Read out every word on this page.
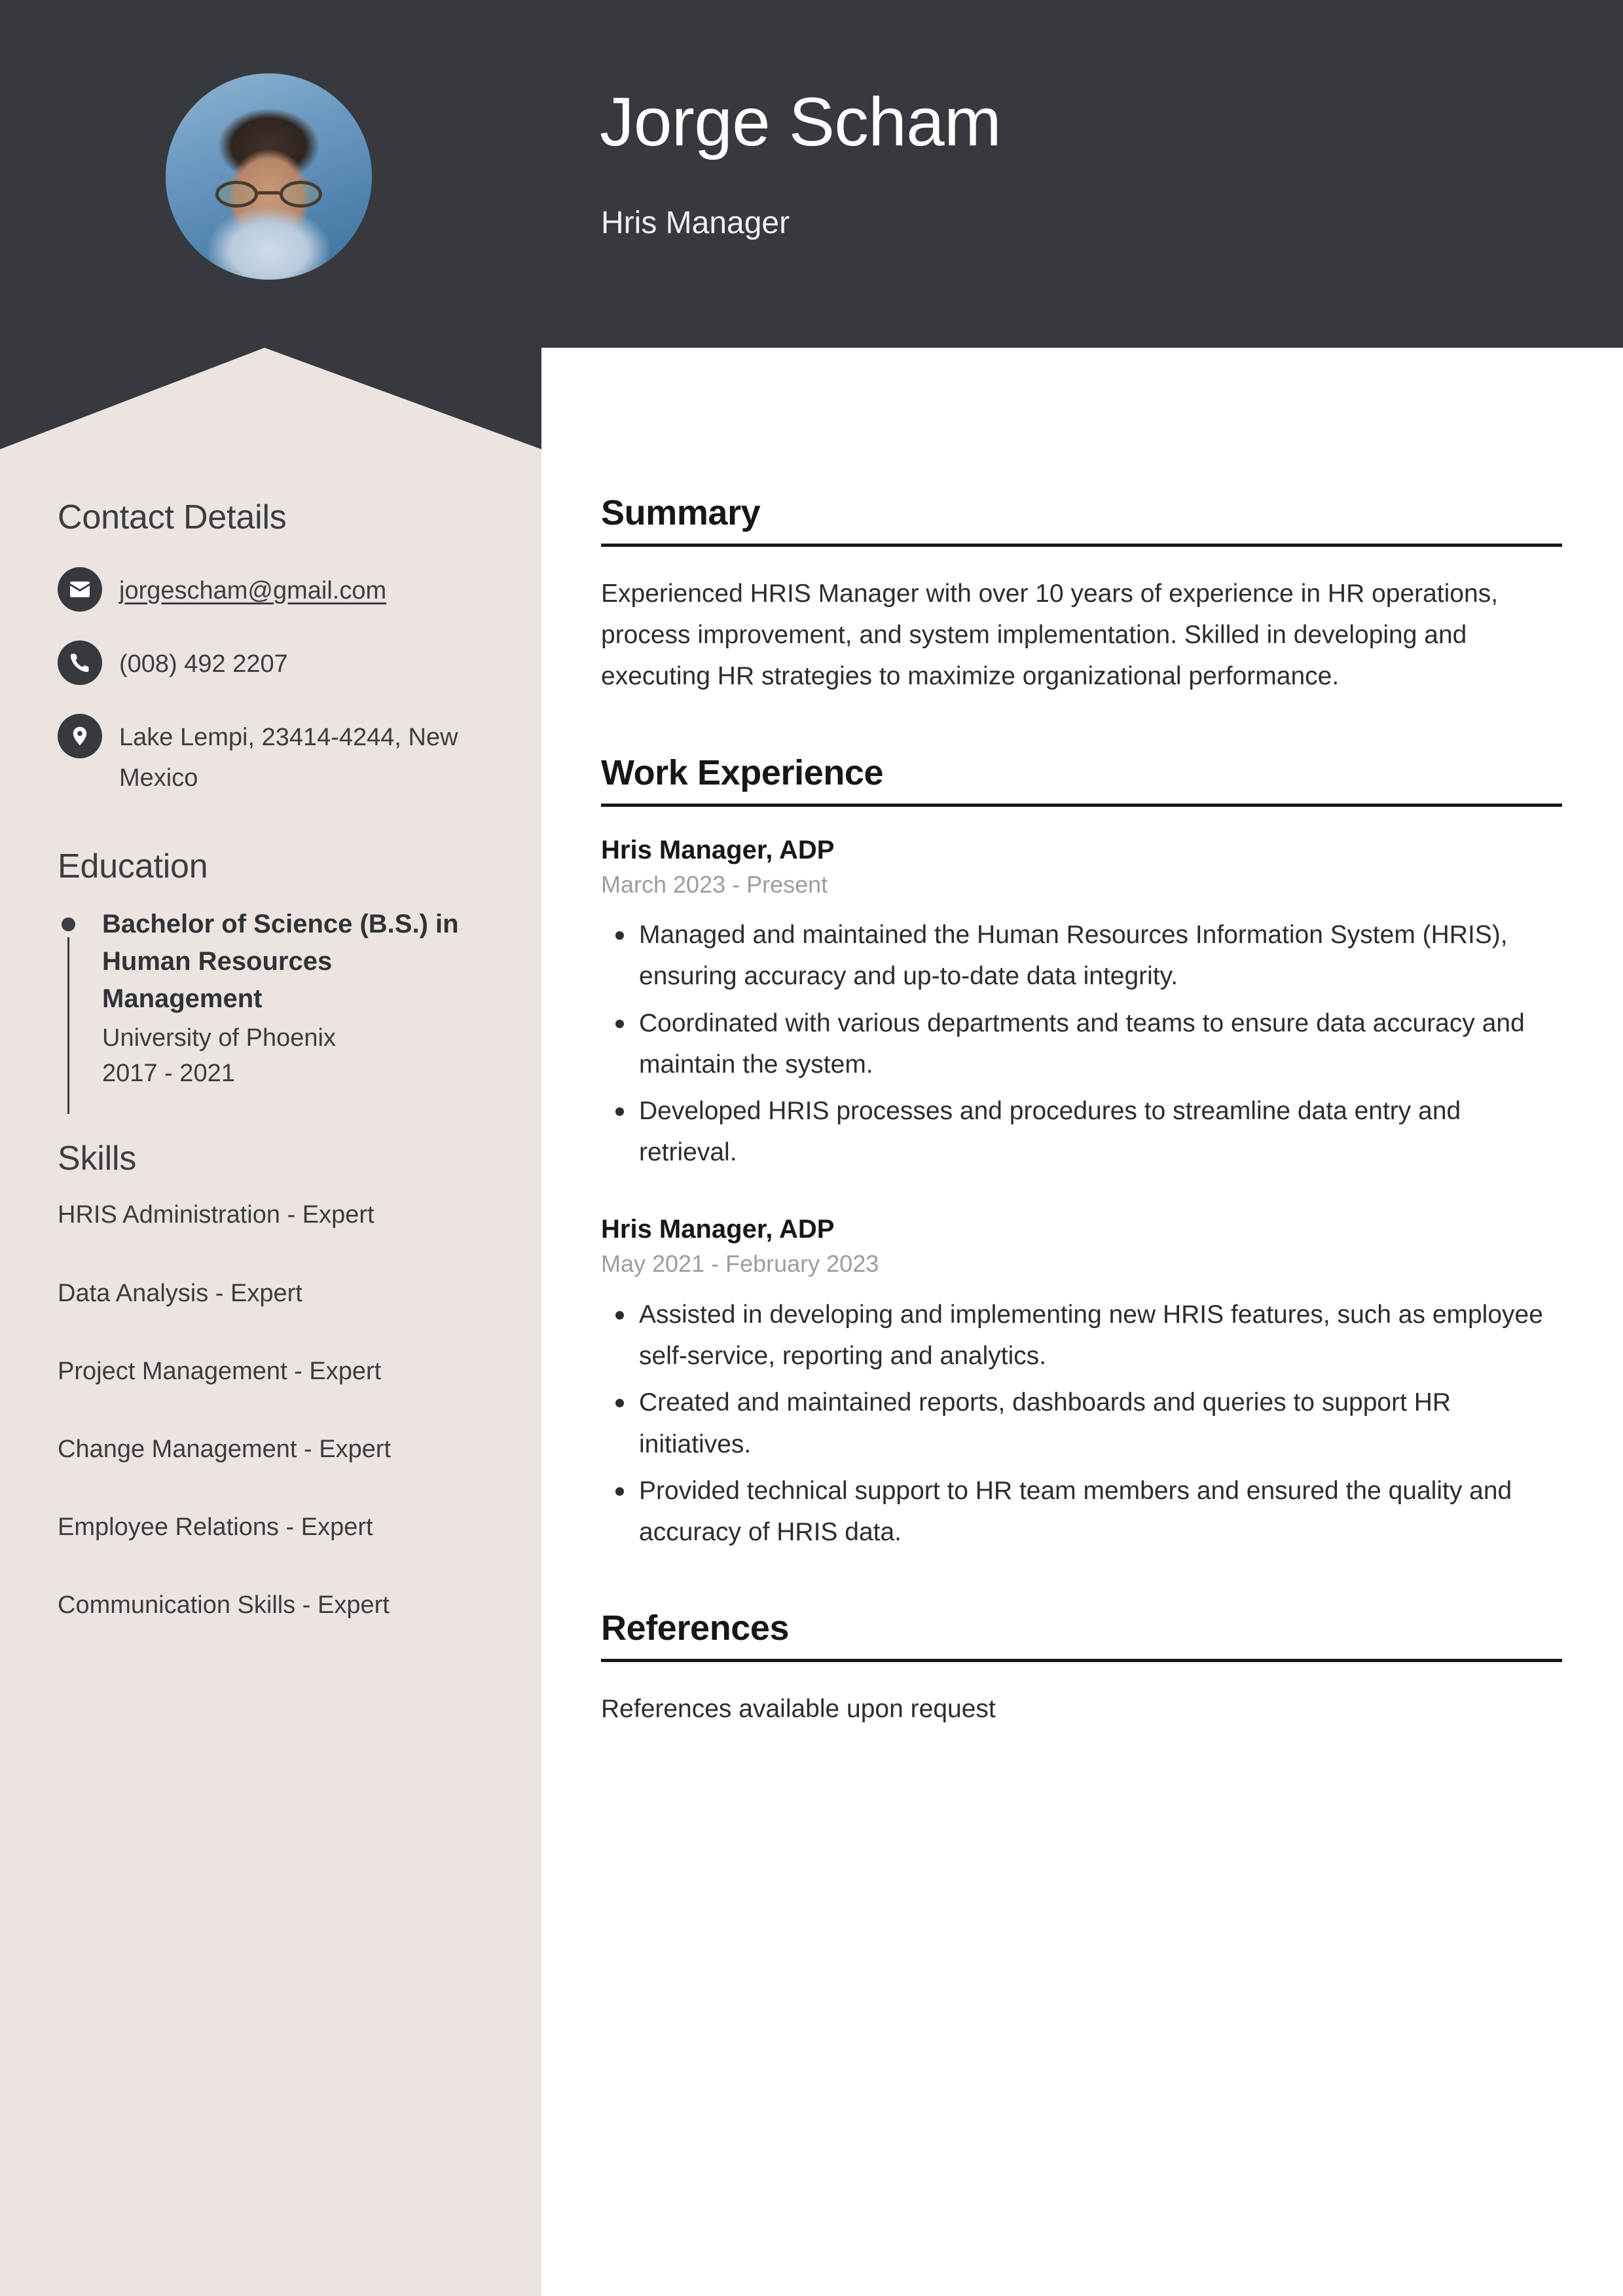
Jorge Scham
Hris Manager
Contact Details
jorgescham@gmail.com
(008) 492 2207
Lake Lempi, 23414-4244, New Mexico
Education
Bachelor of Science (B.S.) in Human Resources Management
University of Phoenix
2017 - 2021
Skills
HRIS Administration - Expert
Data Analysis - Expert
Project Management - Expert
Change Management - Expert
Employee Relations - Expert
Communication Skills - Expert
Summary

Experienced HRIS Manager with over 10 years of experience in HR operations, process improvement, and system implementation. Skilled in developing and executing HR strategies to maximize organizational performance.

Work Experience
Hris Manager, ADP
March 2023 - Present
Managed and maintained the Human Resources Information System (HRIS), ensuring accuracy and up-to-date data integrity.
Coordinated with various departments and teams to ensure data accuracy and maintain the system.
Developed HRIS processes and procedures to streamline data entry and retrieval.
Hris Manager, ADP
May 2021 - February 2023
Assisted in developing and implementing new HRIS features, such as employee self-service, reporting and analytics.
Created and maintained reports, dashboards and queries to support HR initiatives.
Provided technical support to HR team members and ensured the quality and accuracy of HRIS data.
References

References available upon request
